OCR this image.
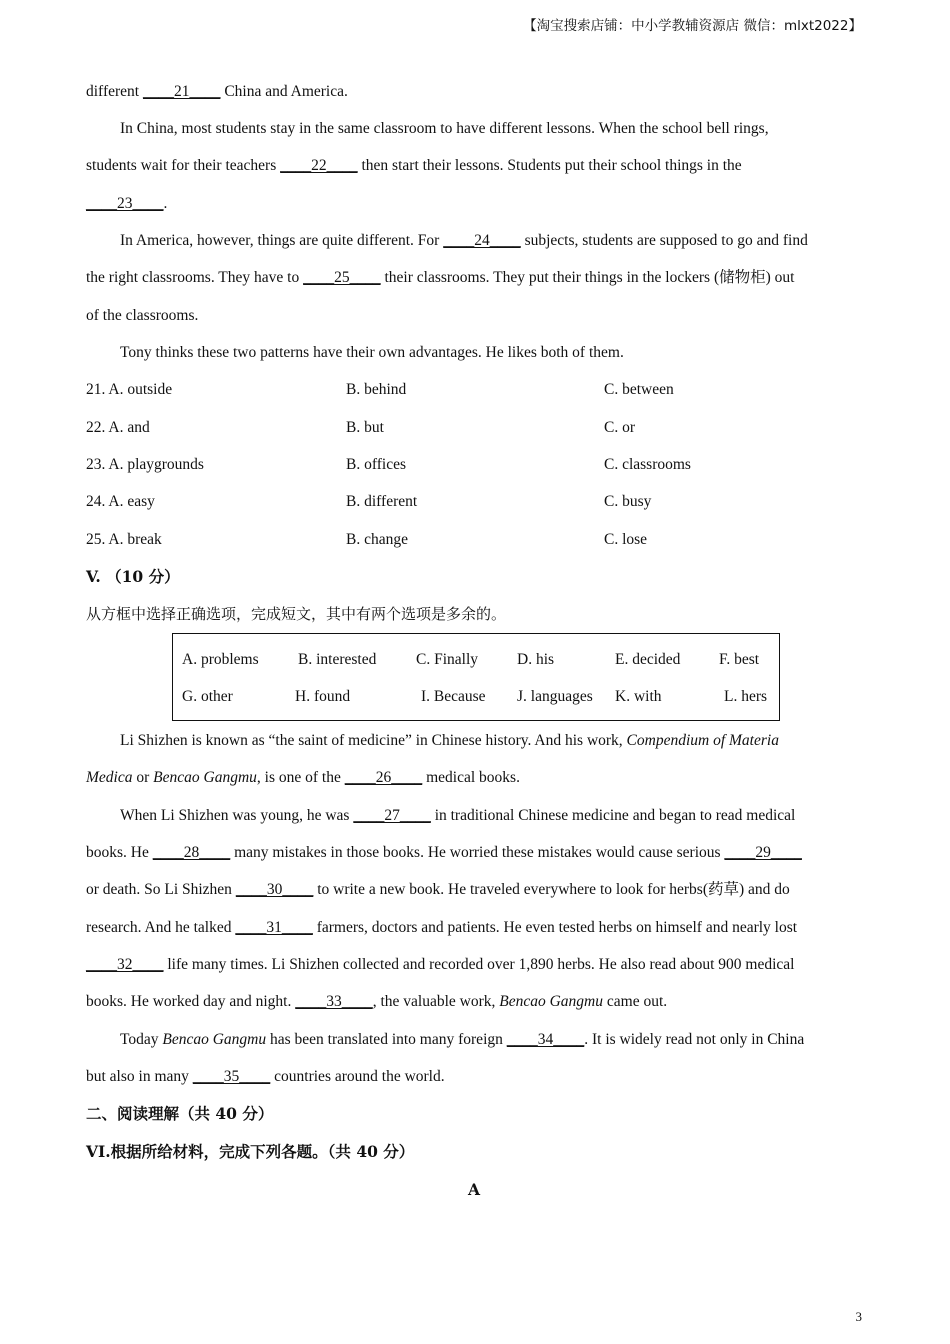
【淘宝搜索店铺：中小学教辅资源店 微信：mlxt2022】
different ____21____ China and America.
In China, most students stay in the same classroom to have different lessons. When the school bell rings,
students wait for their teachers ____22____ then start their lessons. Students put their school things in the
____23____.
In America, however, things are quite different. For ____24____ subjects, students are supposed to go and find
the right classrooms. They have to ____25____ their classrooms. They put their things in the lockers (储物柜) out
of the classrooms.
Tony thinks these two patterns have their own advantages. He likes both of them.
21. A. outside	B. behind	C. between
22. A. and	B. but	C. or
23. A. playgrounds	B. offices	C. classrooms
24. A. easy	B. different	C. busy
25. A. break	B. change	C. lose
V. （10 分）
从方框中选择正确选项，完成短文，其中有两个选项是多余的。
A. problems	B. interested	C. Finally	D. his	E. decided F. best
G. other	H. found	I. Because J. languages K. with	L. hers
Li Shizhen is known as “the saint of medicine” in Chinese history. And his work, Compendium of Materia
Medica or Bencao Gangmu, is one of the ____26____ medical books.
When Li Shizhen was young, he was ____27____ in traditional Chinese medicine and began to read medical
books. He ____28____ many mistakes in those books. He worried these mistakes would cause serious ____29____
or death. So Li Shizhen ____30____ to write a new book. He traveled everywhere to look for herbs(药草) and do
research. And he talked ____31____ farmers, doctors and patients. He even tested herbs on himself and nearly lost
____32____ life many times. Li Shizhen collected and recorded over 1,890 herbs. He also read about 900 medical
books. He worked day and night. ____33____, the valuable work, Bencao Gangmu came out.
Today Bencao Gangmu has been translated into many foreign ____34____. It is widely read not only in China
but also in many ____35____ countries around the world.
二、阅读理解（共 40 分）
VI.根据所给材料，完成下列各题。（共 40 分）
A
3
